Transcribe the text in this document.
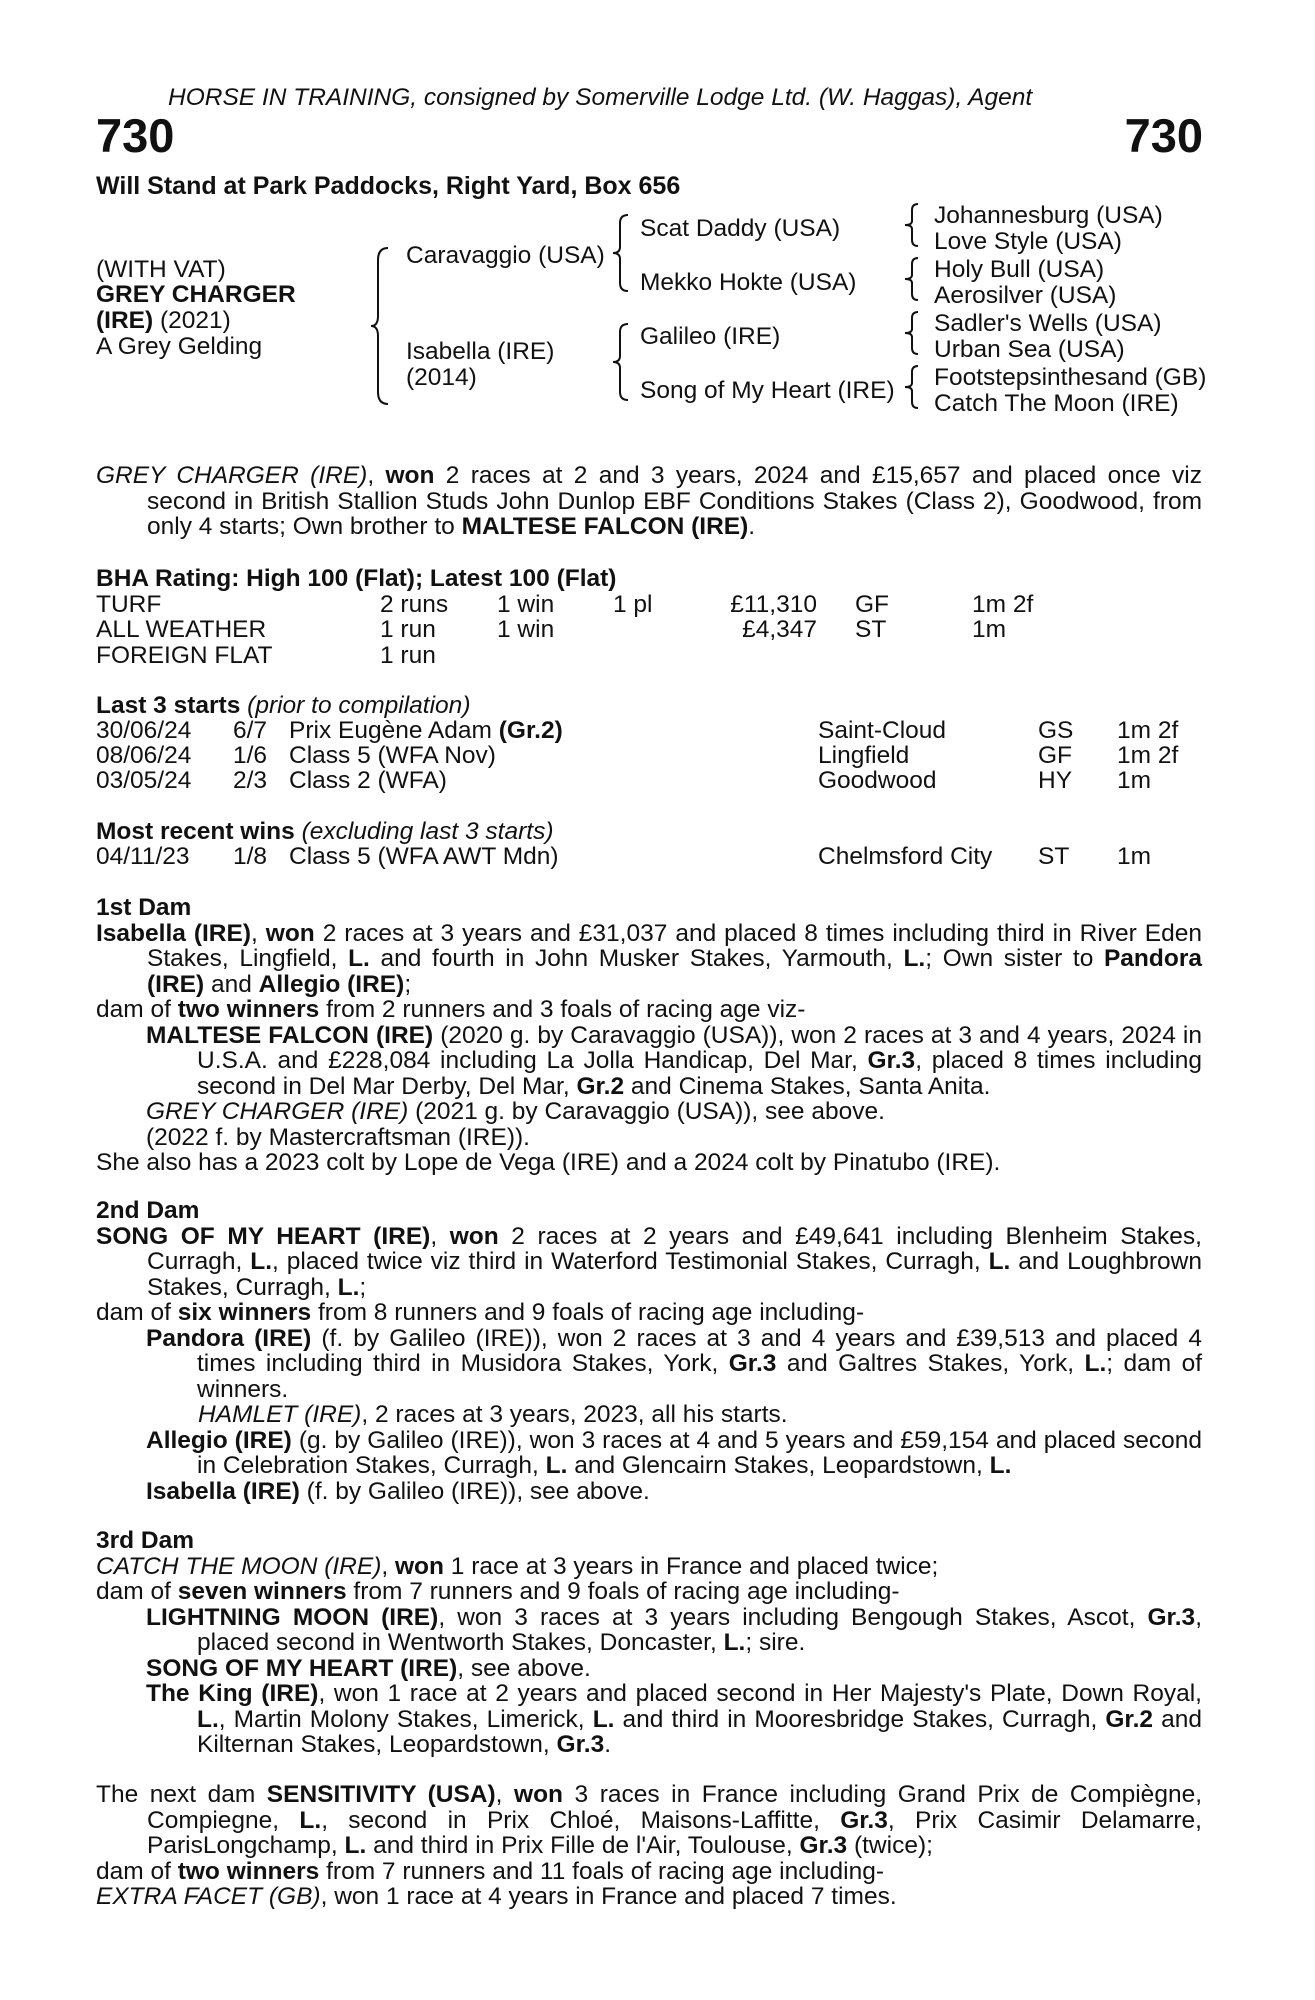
HORSE IN TRAINING, consigned by Somerville Lodge Ltd. (W. Haggas), Agent
730	730
Will Stand at Park Paddocks, Right Yard, Box 656
(WITH VAT)
GREY CHARGER
(IRE) (2021)
A Grey Gelding
Caravaggio (USA)
Isabella (IRE)
(2014)
Scat Daddy (USA)
Mekko Hokte (USA)
Galileo (IRE)
Song of My Heart (IRE)
Johannesburg (USA)
Love Style (USA)
Holy Bull (USA)
Aerosilver (USA)
Sadler's Wells (USA)
Urban Sea (USA)
Footstepsinthesand (GB)
Catch The Moon (IRE)

GREY CHARGER (IRE), won 2 races at 2 and 3 years, 2024 and £15,657 and placed once viz second in British Stallion Studs John Dunlop EBF Conditions Stakes (Class 2), Goodwood, from only 4 starts; Own brother to MALTESE FALCON (IRE).

BHA Rating: High 100 (Flat); Latest 100 (Flat)
TURF	2 runs 1 win 1 pl	£11,310 GF	1m 2f
ALL WEATHER	1 run 1 win	£4,347 ST	1m
FOREIGN FLAT	1 run
Last 3 starts (prior to compilation)
30/06/24 6/7 Prix Eugène Adam (Gr.2)	Saint-Cloud	GS 1m 2f
08/06/24 1/6 Class 5 (WFA Nov)	Lingfield	GF 1m 2f
03/05/24 2/3 Class 2 (WFA)	Goodwood	HY 1m
Most recent wins (excluding last 3 starts)
04/11/23 1/8 Class 5 (WFA AWT Mdn)	Chelmsford City ST 1m

1st Dam

Isabella (IRE), won 2 races at 3 years and £31,037 and placed 8 times including third in River Eden Stakes, Lingfield, L. and fourth in John Musker Stakes, Yarmouth, L.; Own sister to Pandora (IRE) and Allegio (IRE);

dam of two winners from 2 runners and 3 foals of racing age viz-

MALTESE FALCON (IRE) (2020 g. by Caravaggio (USA)), won 2 races at 3 and 4 years, 2024 in U.S.A. and £228,084 including La Jolla Handicap, Del Mar, Gr.3, placed 8 times including second in Del Mar Derby, Del Mar, Gr.2 and Cinema Stakes, Santa Anita.

GREY CHARGER (IRE) (2021 g. by Caravaggio (USA)), see above.

(2022 f. by Mastercraftsman (IRE)).

She also has a 2023 colt by Lope de Vega (IRE) and a 2024 colt by Pinatubo (IRE).

2nd Dam

SONG OF MY HEART (IRE), won 2 races at 2 years and £49,641 including Blenheim Stakes, Curragh, L., placed twice viz third in Waterford Testimonial Stakes, Curragh, L. and Loughbrown Stakes, Curragh, L.;

dam of six winners from 8 runners and 9 foals of racing age including-

Pandora (IRE) (f. by Galileo (IRE)), won 2 races at 3 and 4 years and £39,513 and placed 4 times including third in Musidora Stakes, York, Gr.3 and Galtres Stakes, York, L.; dam of winners.

HAMLET (IRE), 2 races at 3 years, 2023, all his starts.

Allegio (IRE) (g. by Galileo (IRE)), won 3 races at 4 and 5 years and £59,154 and placed second in Celebration Stakes, Curragh, L. and Glencairn Stakes, Leopardstown, L.

Isabella (IRE) (f. by Galileo (IRE)), see above.

3rd Dam

CATCH THE MOON (IRE), won 1 race at 3 years in France and placed twice;

dam of seven winners from 7 runners and 9 foals of racing age including-

LIGHTNING MOON (IRE), won 3 races at 3 years including Bengough Stakes, Ascot, Gr.3, placed second in Wentworth Stakes, Doncaster, L.; sire.

SONG OF MY HEART (IRE), see above.

The King (IRE), won 1 race at 2 years and placed second in Her Majesty's Plate, Down Royal, L., Martin Molony Stakes, Limerick, L. and third in Mooresbridge Stakes, Curragh, Gr.2 and Kilternan Stakes, Leopardstown, Gr.3.

The next dam SENSITIVITY (USA), won 3 races in France including Grand Prix de Compiègne, Compiegne, L., second in Prix Chloé, Maisons-Laffitte, Gr.3, Prix Casimir Delamarre, ParisLongchamp, L. and third in Prix Fille de l'Air, Toulouse, Gr.3 (twice);

dam of two winners from 7 runners and 11 foals of racing age including-

EXTRA FACET (GB), won 1 race at 4 years in France and placed 7 times.
